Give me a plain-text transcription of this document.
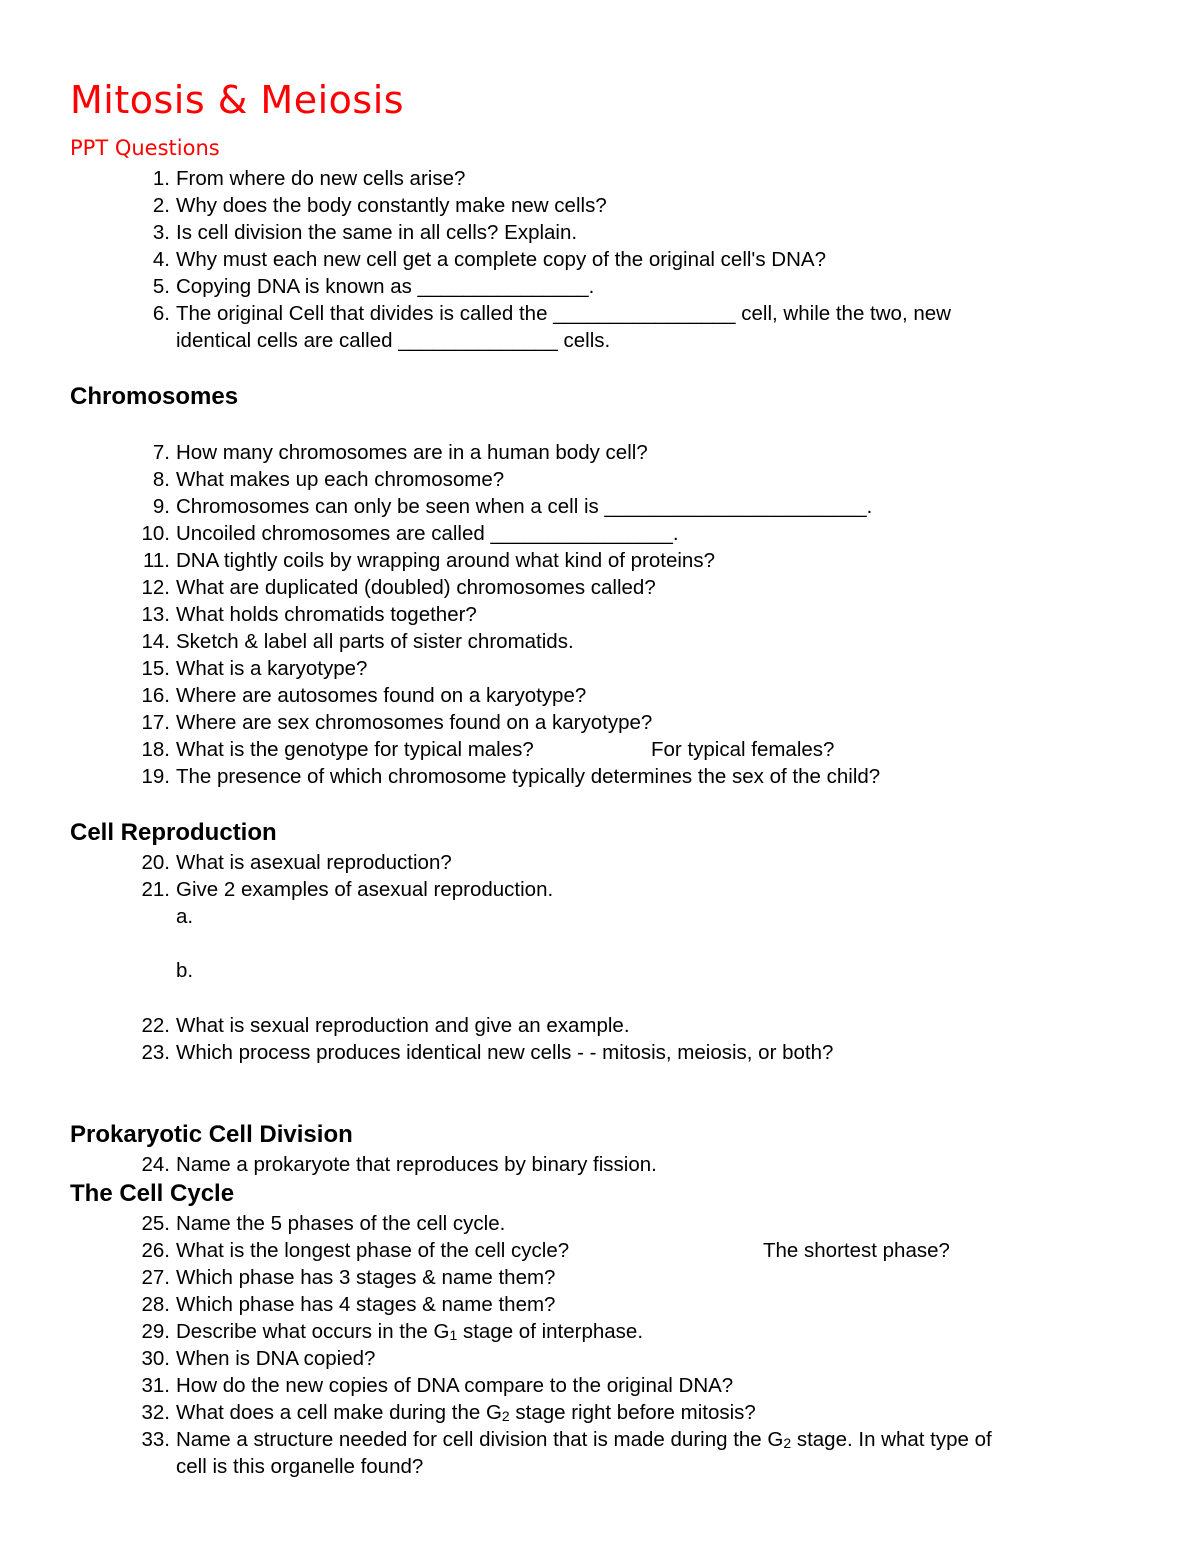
Mitosis & Meiosis
PPT Questions
1. From where do new cells arise?
2. Why does the body constantly make new cells?
3. Is cell division the same in all cells? Explain.
4. Why must each new cell get a complete copy of the original cell's DNA?
5. Copying DNA is known as _______________.
6. The original Cell that divides is called the ________________ cell, while the two, new
identical cells are called ______________ cells.
Chromosomes
7. How many chromosomes are in a human body cell?
8. What makes up each chromosome?
9. Chromosomes can only be seen when a cell is _______________________.
10. Uncoiled chromosomes are called ________________.
11. DNA tightly coils by wrapping around what kind of proteins?
12. What are duplicated (doubled) chromosomes called?
13. What holds chromatids together?
14. Sketch & label all parts of sister chromatids.
15. What is a karyotype?
16. Where are autosomes found on a karyotype?
17. Where are sex chromosomes found on a karyotype?
18. What is the genotype for typical males?	For typical females?
19. The presence of which chromosome typically determines the sex of the child?
Cell Reproduction
20. What is asexual reproduction?
21. Give 2 examples of asexual reproduction.
a.
b.
22. What is sexual reproduction and give an example.
23. Which process produces identical new cells - - mitosis, meiosis, or both?
Prokaryotic Cell Division
24. Name a prokaryote that reproduces by binary fission.
The Cell Cycle
25. Name the 5 phases of the cell cycle.
26. What is the longest phase of the cell cycle?	The shortest phase?
27. Which phase has 3 stages & name them?
28. Which phase has 4 stages & name them?
29. Describe what occurs in the $G_1$ stage of interphase.
30. When is DNA copied?
31. How do the new copies of DNA compare to the original DNA?
32. What does a cell make during the $G_2$ stage right before mitosis?
33. Name a structure needed for cell division that is made during the $G_2$ stage. In what type of
cell is this organelle found?
